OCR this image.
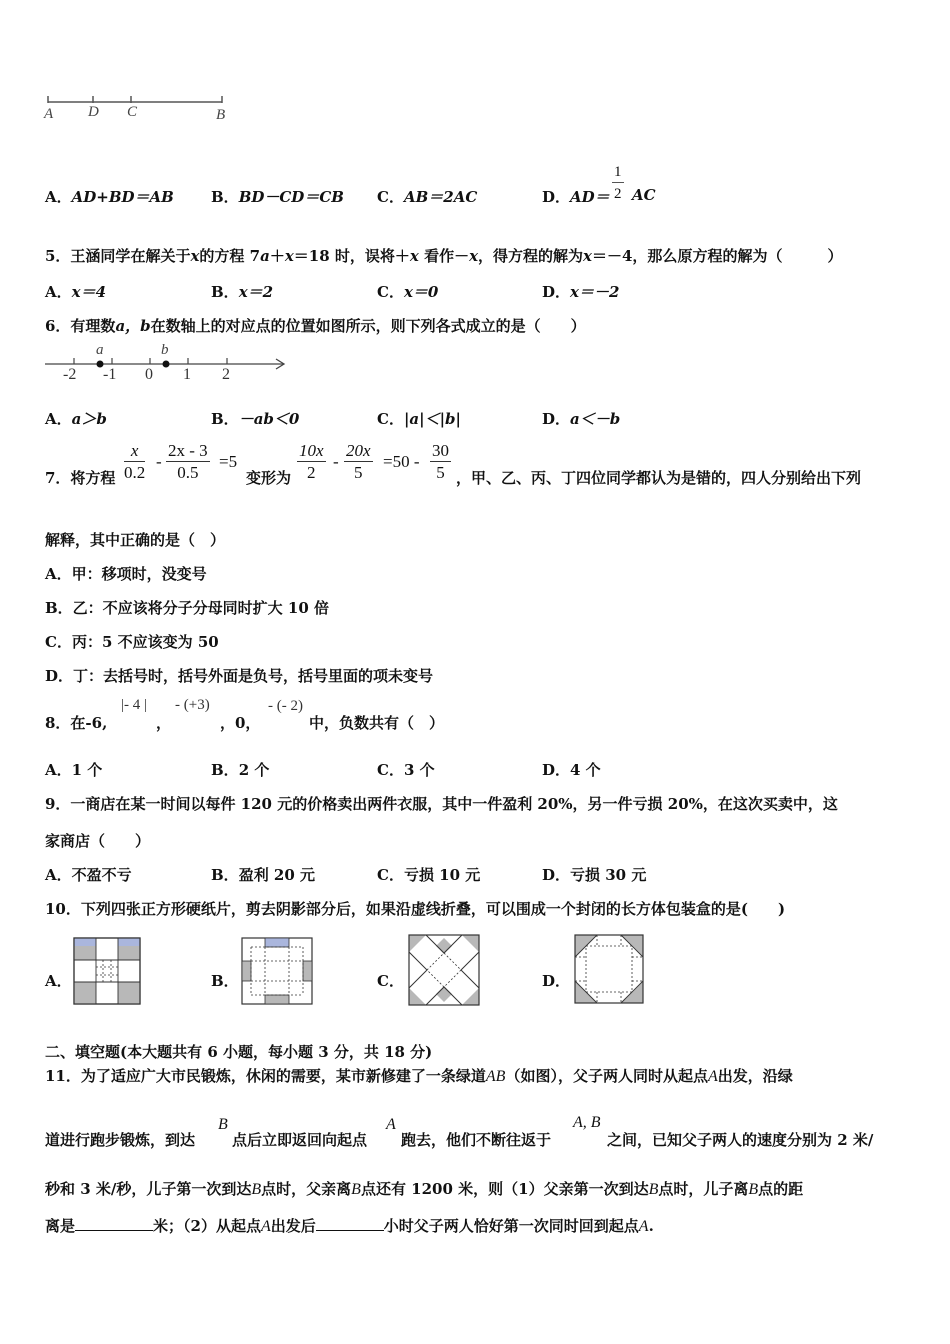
A D C	B
A．AD+BD＝AB B．BD－CD＝CB C．AB＝2AC	D．$AD= \frac{1}{2}$ AC
5．王涵同学在解关于x的方程 7a＋x＝18 时，误将＋x 看作－x，得方程的解为x＝－4，那么原方程的解为（　　　）
A．x＝4	B．x＝2	C．x＝0	D．x＝－2
6．有理数a，b在数轴上的对应点的位置如图所示，则下列各式成立的是（　　）
a	b
-2 -1 0 1 2
A．a＞b	B．－ab＜0	C．|a|＜|b|	D．a＜－b
7．将方程 $\frac{x}{0.2} - \frac{2x - 3}{0.5} =5$
变形为 $\frac{10x}{2} - \frac{20x}{5} =50 - \frac{30}{5}$ ，甲、乙、丙、丁四位同学都认为是错的，四人分别给出下列
解释，其中正确的是（　）
A．甲：移项时，没变号
B．乙：不应该将分子分母同时扩大 10 倍
C．丙：5 不应该变为 50
D．丁：去括号时，括号外面是负号，括号里面的项未变号
8．在-6,
|- 4 |
，
- (+3)
，0，
- (- 2)
中，负数共有（　）
A．1 个	B．2 个	C．3 个	D．4 个
9．一商店在某一时间以每件 120 元的价格卖出两件衣服，其中一件盈利 20%，另一件亏损 20%，在这次买卖中，这
家商店（　　）
A．不盈不亏	B．盈利 20 元	C．亏损 10 元	D．亏损 30 元
10．下列四张正方形硬纸片，剪去阴影部分后，如果沿虚线折叠，可以围成一个封闭的长方体包装盒的是(　　)
A．	B．	C．	D．
二、填空题(本大题共有 6 小题，每小题 3 分，共 18 分)
11．为了适应广大市民锻炼，休闲的需要，某市新修建了一条绿道AB（如图），父子两人同时从起点A出发，沿绿
道进行跑步锻炼，到达
B
点后立即返回向起点
A
跑去，他们不断往返于
A, B
之间，已知父子两人的速度分别为 2 米/
秒和 3 米/秒，儿子第一次到达B点时，父亲离B点还有 1200 米，则（1）父亲第一次到达B点时，儿子离B点的距
离是	米；（2）从起点A出发后	小时父子两人恰好第一次同时回到起点A.
